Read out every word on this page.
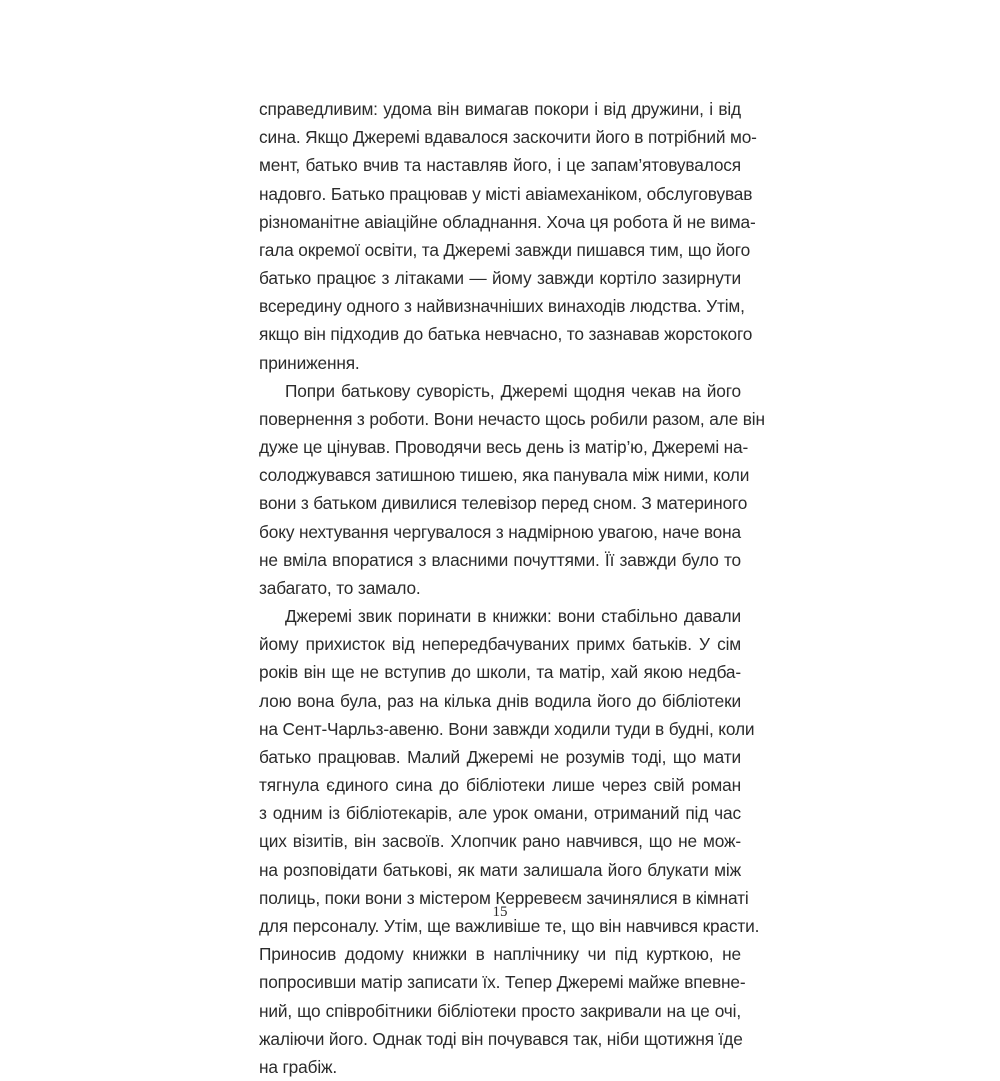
справедливим: удома він вимагав покори і від дружини, і від
сина. Якщо Джеремі вдавалося заскочити його в потрібний мо-
мент, батько вчив та наставляв його, і це запам’ятовувалося
надовго. Батько працював у місті авіамеханіком, обслуговував
різноманітне авіаційне обладнання. Хоча ця робота й не вима-
гала окремої освіти, та Джеремі завжди пишався тим, що його
батько працює з літаками — йому завжди кортіло зазирнути
всередину одного з найвизначніших винаходів людства. Утім,
якщо він підходив до батька невчасно, то зазнавав жорстокого
приниження.
Попри батькову суворість, Джеремі щодня чекав на його
повернення з роботи. Вони нечасто щось робили разом, але він
дуже це цінував. Проводячи весь день із матір’ю, Джеремі на-
солоджувався затишною тишею, яка панувала між ними, коли
вони з батьком дивилися телевізор перед сном. З материного
боку нехтування чергувалося з надмірною увагою, наче вона
не вміла впоратися з власними почуттями. Її завжди було то
забагато, то замало.
Джеремі звик поринати в книжки: вони стабільно давали
йому прихисток від непередбачуваних примх батьків. У сім
років він ще не вступив до школи, та матір, хай якою недба-
лою вона була, раз на кілька днів водила його до бібліотеки
на Сент-Чарльз-авеню. Вони завжди ходили туди в будні, коли
батько працював. Малий Джеремі не розумів тоді, що мати
тягнула єдиного сина до бібліотеки лише через свій роман
з одним із бібліотекарів, але урок омани, отриманий під час
цих візитів, він засвоїв. Хлопчик рано навчився, що не мож-
на розповідати батькові, як мати залишала його блукати між
полиць, поки вони з містером Керревеєм зачинялися в кімнаті
для персоналу. Утім, ще важливіше те, що він навчився красти.
Приносив додому книжки в наплічнику чи під курткою, не
попросивши матір записати їх. Тепер Джеремі майже впевне-
ний, що співробітники бібліотеки просто закривали на це очі,
жаліючи його. Однак тоді він почувався так, ніби щотижня їде
на грабіж.
15
